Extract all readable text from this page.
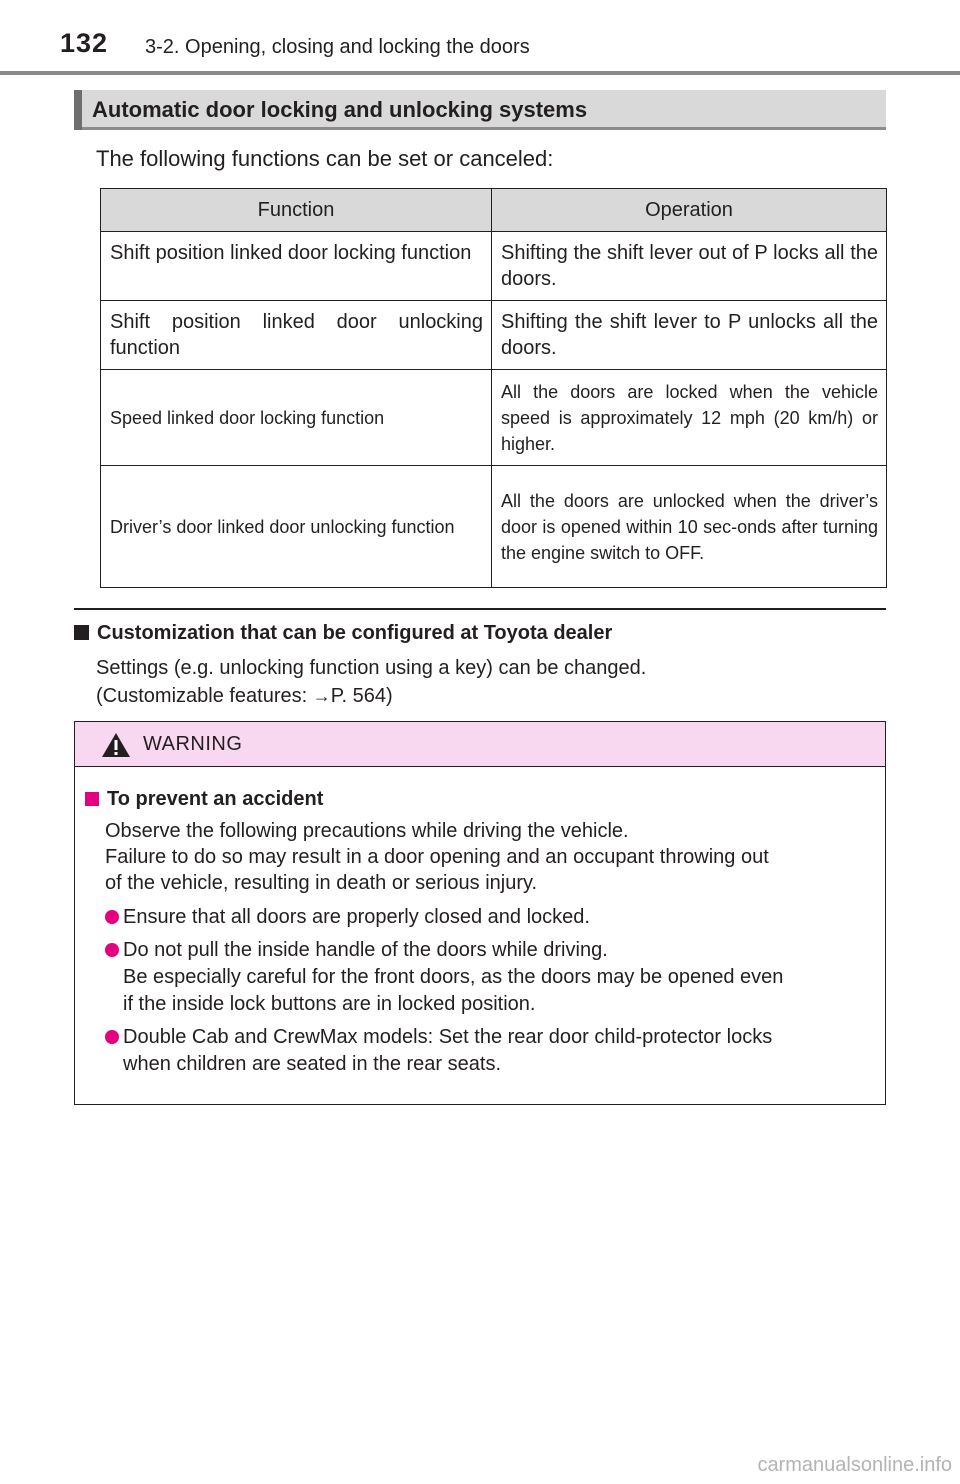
132 3-2. Opening, closing and locking the doors
Automatic door locking and unlocking systems
The following functions can be set or canceled:
Function	Operation
Shift position linked door locking function	Shifting the shift lever out of P locks all the doors.
Shift position linked door unlocking function	Shifting the shift lever to P unlocks all the doors.
Speed linked door locking function	All the doors are locked when the vehicle speed is approximately 12 mph (20 km/h) or higher.
Driver’s door linked door unlocking function	All the doors are unlocked when the driver’s door is opened within 10 sec-onds after turning the engine switch to OFF.
Customization that can be configured at Toyota dealer
Settings (e.g. unlocking function using a key) can be changed.
(Customizable features: →P. 564)
WARNING
To prevent an accident
Observe the following precautions while driving the vehicle.
Failure to do so may result in a door opening and an occupant throwing out
of the vehicle, resulting in death or serious injury.
Ensure that all doors are properly closed and locked.
Do not pull the inside handle of the doors while driving.
Be especially careful for the front doors, as the doors may be opened even
if the inside lock buttons are in locked position.
Double Cab and CrewMax models: Set the rear door child-protector locks
when children are seated in the rear seats.
carmanualsonline.info
